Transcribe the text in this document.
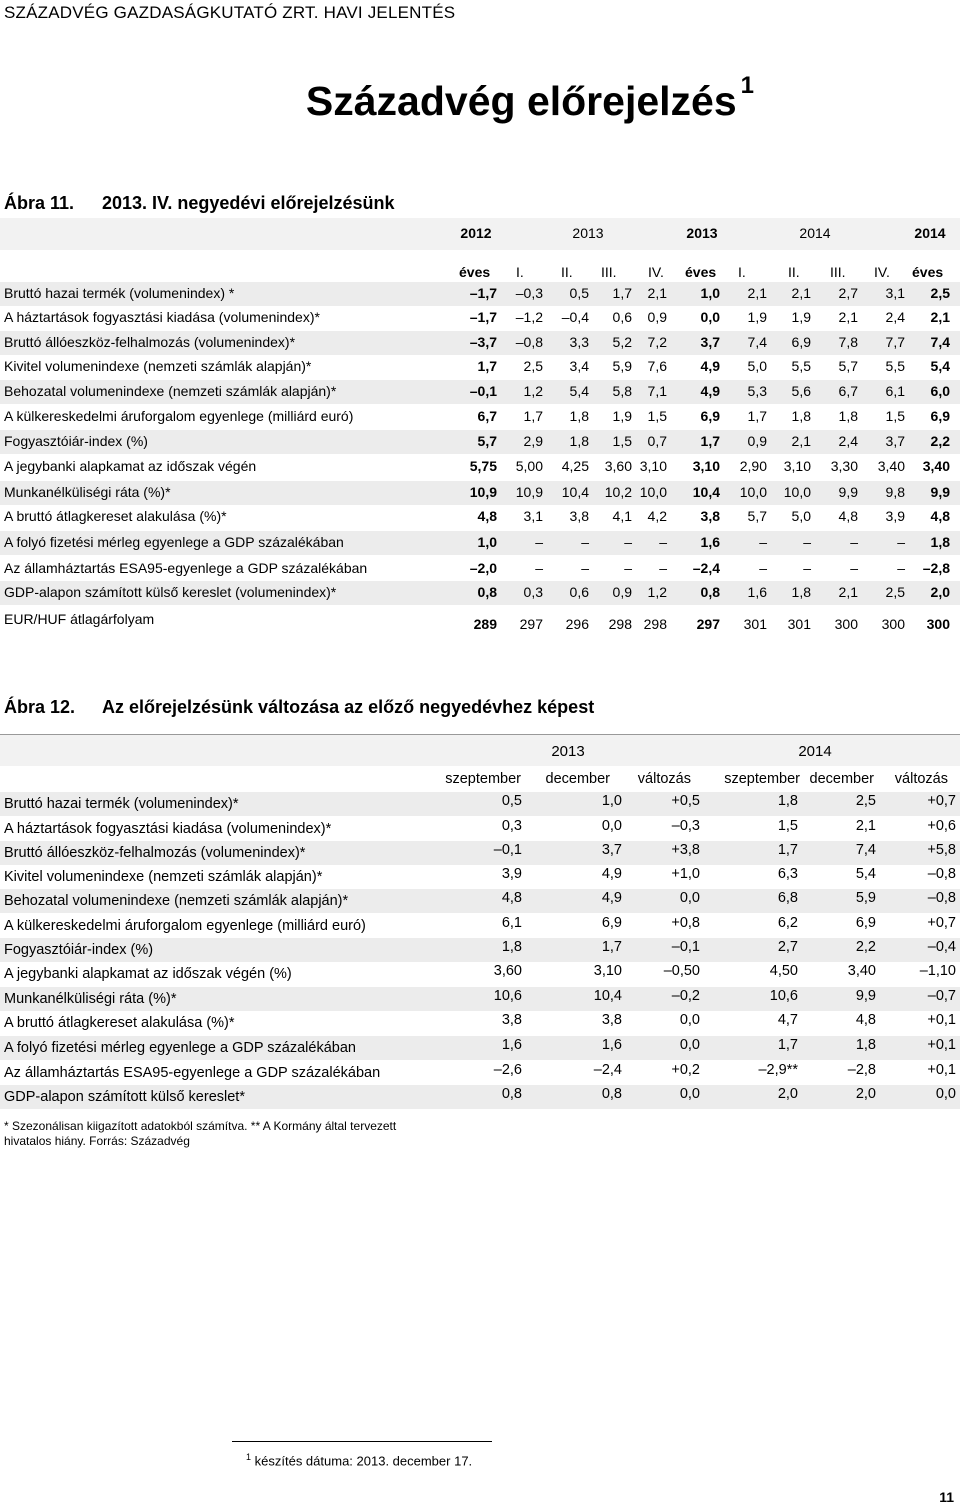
SZÁZADVÉG GAZDASÁGKUTATÓ ZRT. HAVI JELENTÉS
Századvég előrejelzés $^1$
Ábra 11. 2013. IV. negyedévi előrejelzésünk
2012	2013	2013	2014	2014
éves I.	II. III. IV. éves I.	II. III. IV. éves
Bruttó hazai termék (volumenindex) *	–1,7 –0,3 0,5 1,7 2,1 1,0 2,1 2,1 2,7 3,1 2,5
A háztartások fogyasztási kiadása (volumenindex)*	–1,7 –1,2 –0,4 0,6 0,9 0,0 1,9 1,9 2,1 2,4 2,1
Bruttó állóeszköz-felhalmozás (volumenindex)*	–3,7 –0,8 3,3 5,2 7,2 3,7 7,4 6,9 7,8 7,7 7,4
Kivitel volumenindexe (nemzeti számlák alapján)*	1,7 2,5 3,4 5,9 7,6 4,9 5,0 5,5 5,7 5,5 5,4
Behozatal volumenindexe (nemzeti számlák alapján)*	–0,1 1,2 5,4 5,8 7,1 4,9 5,3 5,6 6,7 6,1 6,0
A külkereskedelmi áruforgalom egyenlege (milliárd euró)	6,7 1,7 1,8 1,9 1,5 6,9 1,7 1,8 1,8 1,5 6,9
Fogyasztóiár-index (%)	5,7 2,9 1,8 1,5 0,7 1,7 0,9 2,1 2,4 3,7 2,2
A jegybanki alapkamat az időszak végén	5,75 5,00 4,25 3,60 3,10 3,10 2,90 3,10 3,30 3,40 3,40
Munkanélküliségi ráta (%)*	10,9 10,9 10,4 10,2 10,0 10,4 10,0 10,0 9,9 9,8 9,9
A bruttó átlagkereset alakulása (%)*	4,8 3,1 3,8 4,1 4,2 3,8 5,7 5,0 4,8 3,9 4,8
A folyó fizetési mérleg egyenlege a GDP százalékában	1,0	–	–	– – 1,6	–	–	–	– 1,8
Az államháztartás ESA95-egyenlege a GDP százalékában	–2,0	–	–	– – –2,4	–	–	–	– –2,8
GDP-alapon számított külső kereslet (volumenindex)*	0,8 0,3 0,6 0,9 1,2 0,8 1,6 1,8 2,1 2,5 2,0
EUR/HUF átlagárfolyam	289 297 296 298 298 297 301 301 300 300 300
Ábra 12. Az előrejelzésünk változása az előző negyedévhez képest
2013	2014
szeptember december változás szeptember december változás
Bruttó hazai termék (volumenindex)*	0,5	1,0	+0,5	1,8	2,5	+0,7
A háztartások fogyasztási kiadása (volumenindex)*	0,3	0,0	–0,3	1,5	2,1	+0,6
Bruttó állóeszköz-felhalmozás (volumenindex)*	–0,1	3,7	+3,8	1,7	7,4	+5,8
Kivitel volumenindexe (nemzeti számlák alapján)*	3,9	4,9	+1,0	6,3	5,4	–0,8
Behozatal volumenindexe (nemzeti számlák alapján)*	4,8	4,9	0,0	6,8	5,9	–0,8
A külkereskedelmi áruforgalom egyenlege (milliárd euró)	6,1	6,9	+0,8	6,2	6,9	+0,7
Fogyasztóiár-index (%)	1,8	1,7	–0,1	2,7	2,2	–0,4
A jegybanki alapkamat az időszak végén (%)	3,60	3,10	–0,50	4,50	3,40	–1,10
Munkanélküliségi ráta (%)*	10,6	10,4	–0,2	10,6	9,9	–0,7
A bruttó átlagkereset alakulása (%)*	3,8	3,8	0,0	4,7	4,8	+0,1
A folyó fizetési mérleg egyenlege a GDP százalékában	1,6	1,6	0,0	1,7	1,8	+0,1
Az államháztartás ESA95-egyenlege a GDP százalékában	–2,6	–2,4	+0,2	–2,9**	–2,8	+0,1
GDP-alapon számított külső kereslet*	0,8	0,8	0,0	2,0	2,0	0,0
* Szezonálisan kiigazított adatokból számítva. ** A Kormány által tervezett hivatalos hiány. Forrás: Századvég
$^1$ készítés dátuma: 2013. december 17.
11
